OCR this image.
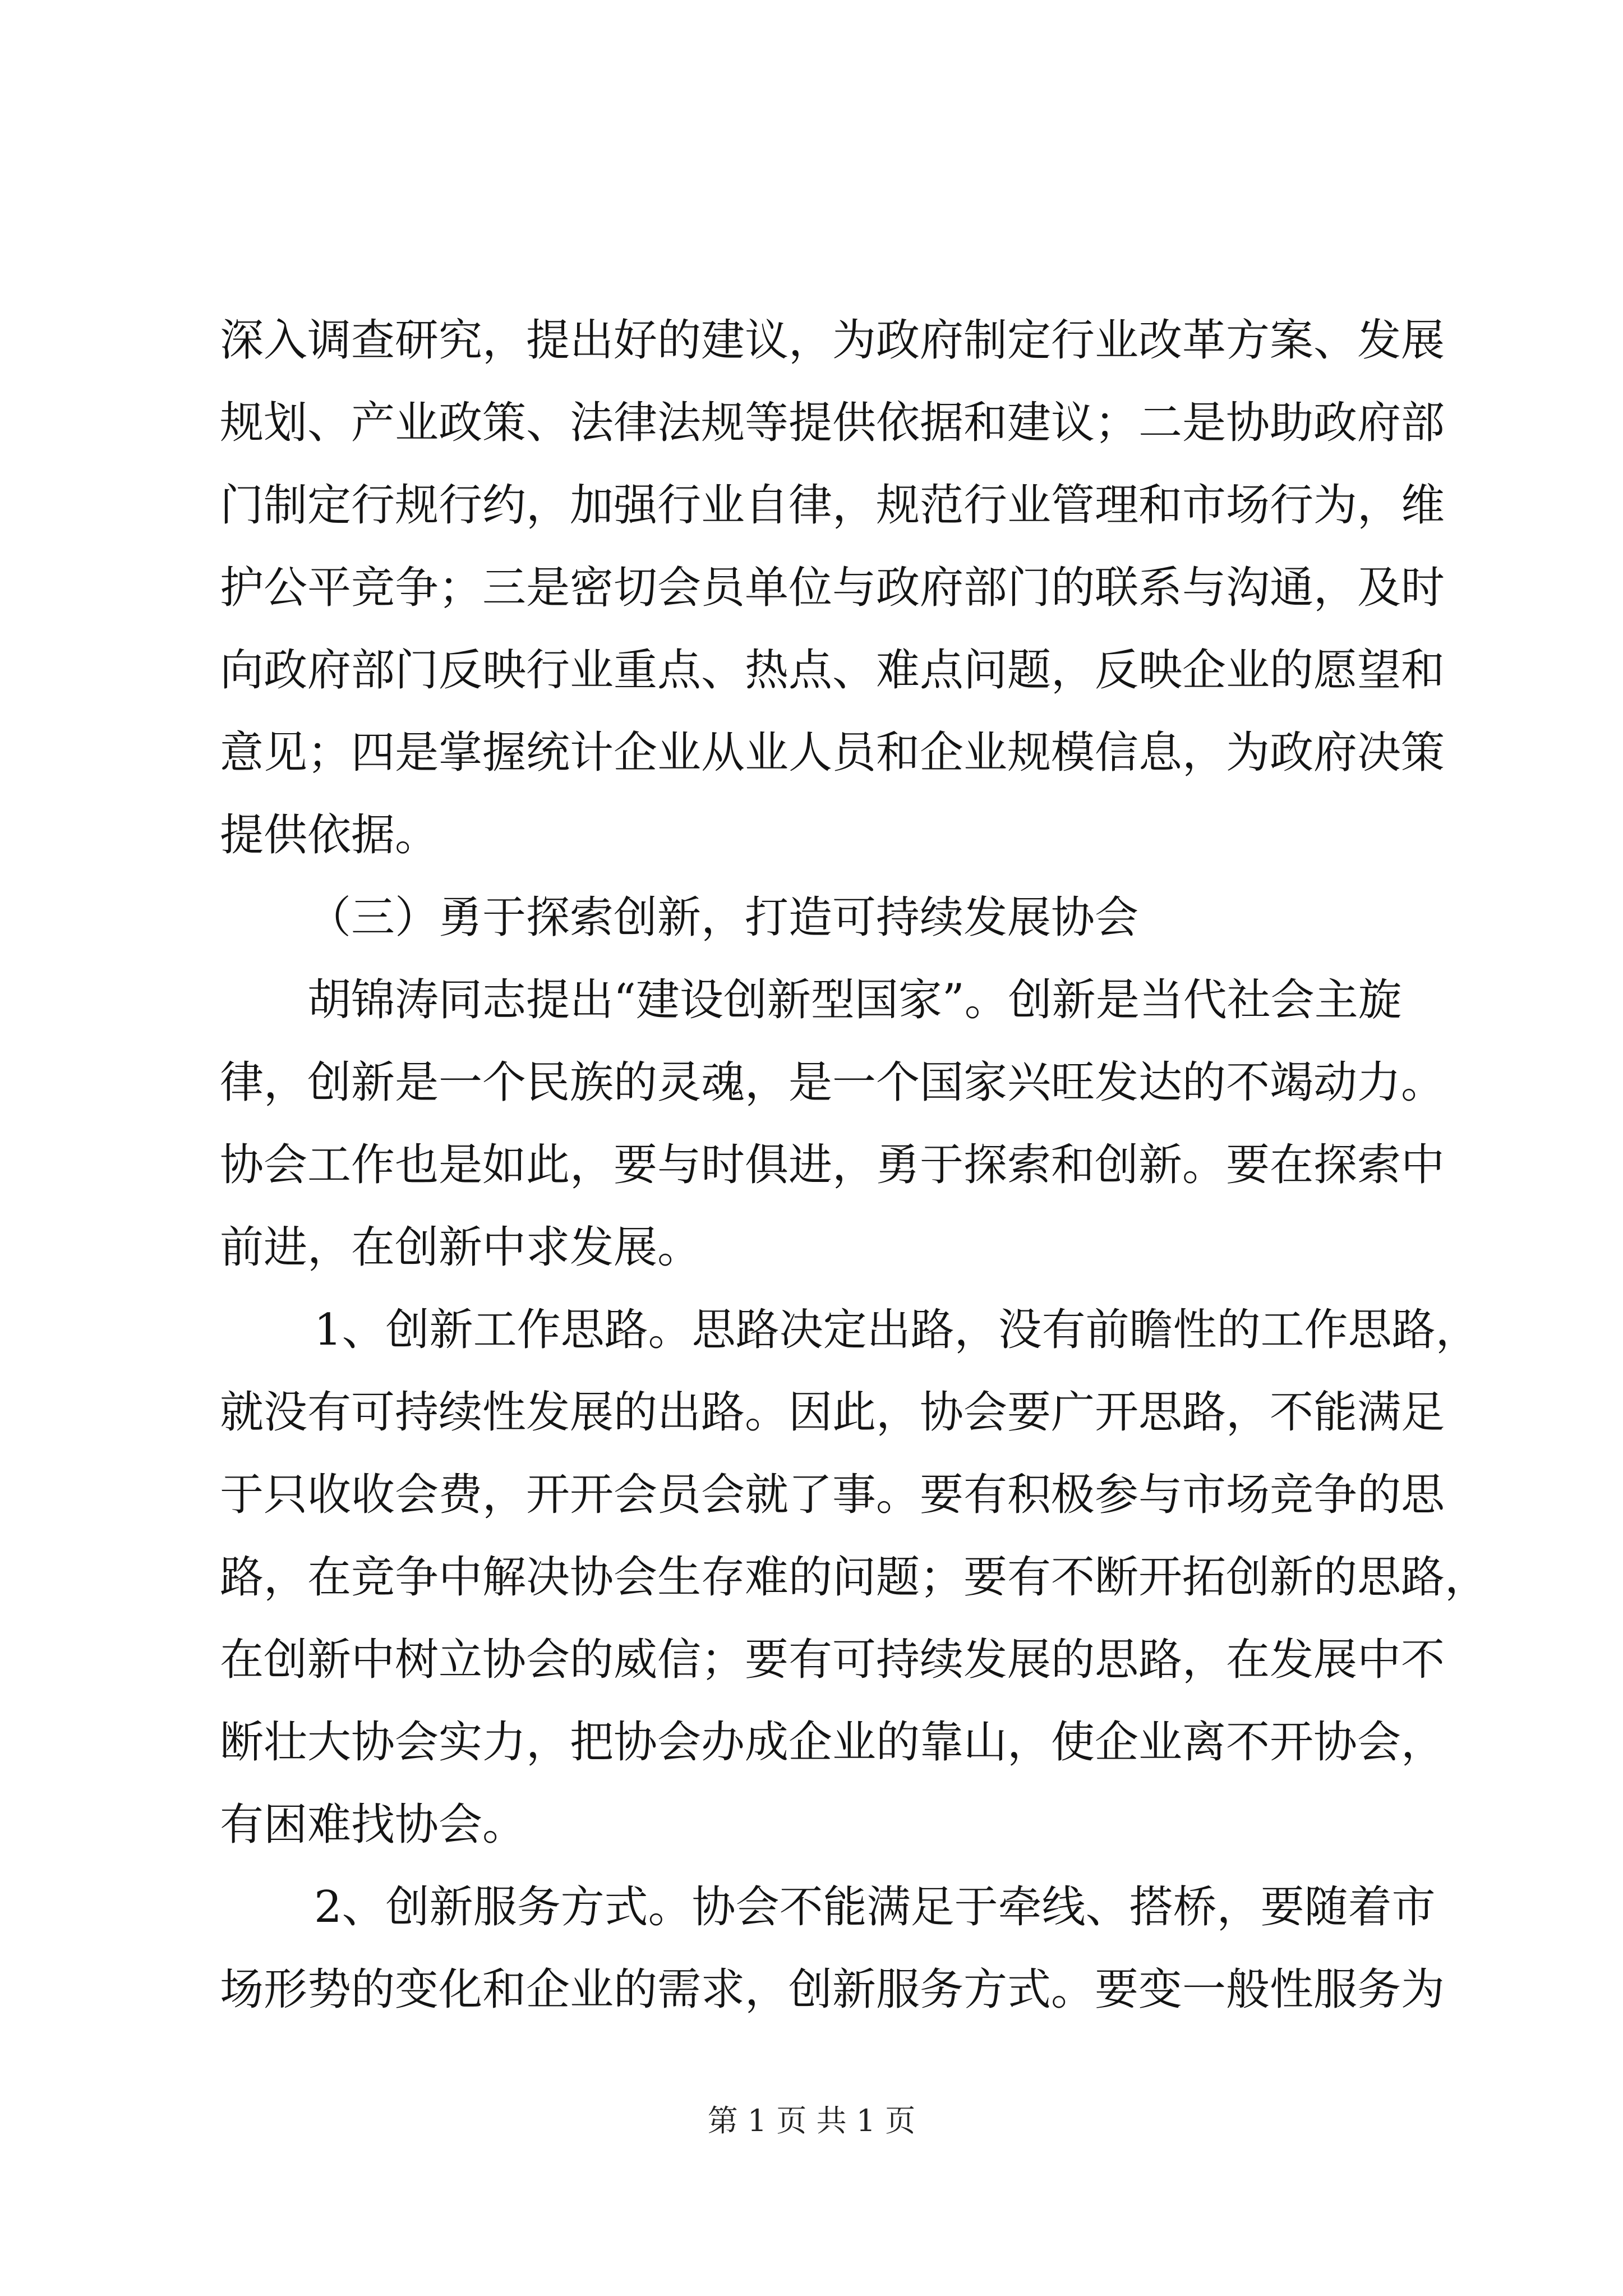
深入调查研究，提出好的建议，为政府制定行业改革方案、发展
规划、产业政策、法律法规等提供依据和建议；二是协助政府部
门制定行规行约，加强行业自律，规范行业管理和市场行为，维
护公平竞争；三是密切会员单位与政府部门的联系与沟通，及时
向政府部门反映行业重点、热点、难点问题，反映企业的愿望和
意见；四是掌握统计企业从业人员和企业规模信息，为政府决策
提供依据。
（三）勇于探索创新，打造可持续发展协会
胡锦涛同志提出“建设创新型国家”。创新是当代社会主旋
律，创新是一个民族的灵魂，是一个国家兴旺发达的不竭动力。
协会工作也是如此，要与时俱进，勇于探索和创新。要在探索中
前进，在创新中求发展。
1、创新工作思路。思路决定出路，没有前瞻性的工作思路，
就没有可持续性发展的出路。因此，协会要广开思路，不能满足
于只收收会费，开开会员会就了事。要有积极参与市场竞争的思
路，在竞争中解决协会生存难的问题；要有不断开拓创新的思路，
在创新中树立协会的威信；要有可持续发展的思路，在发展中不
断壮大协会实力，把协会办成企业的靠山，使企业离不开协会，
有困难找协会。
2、创新服务方式。协会不能满足于牵线、搭桥，要随着市
场形势的变化和企业的需求，创新服务方式。要变一般性服务为
第 1 页 共 1 页
